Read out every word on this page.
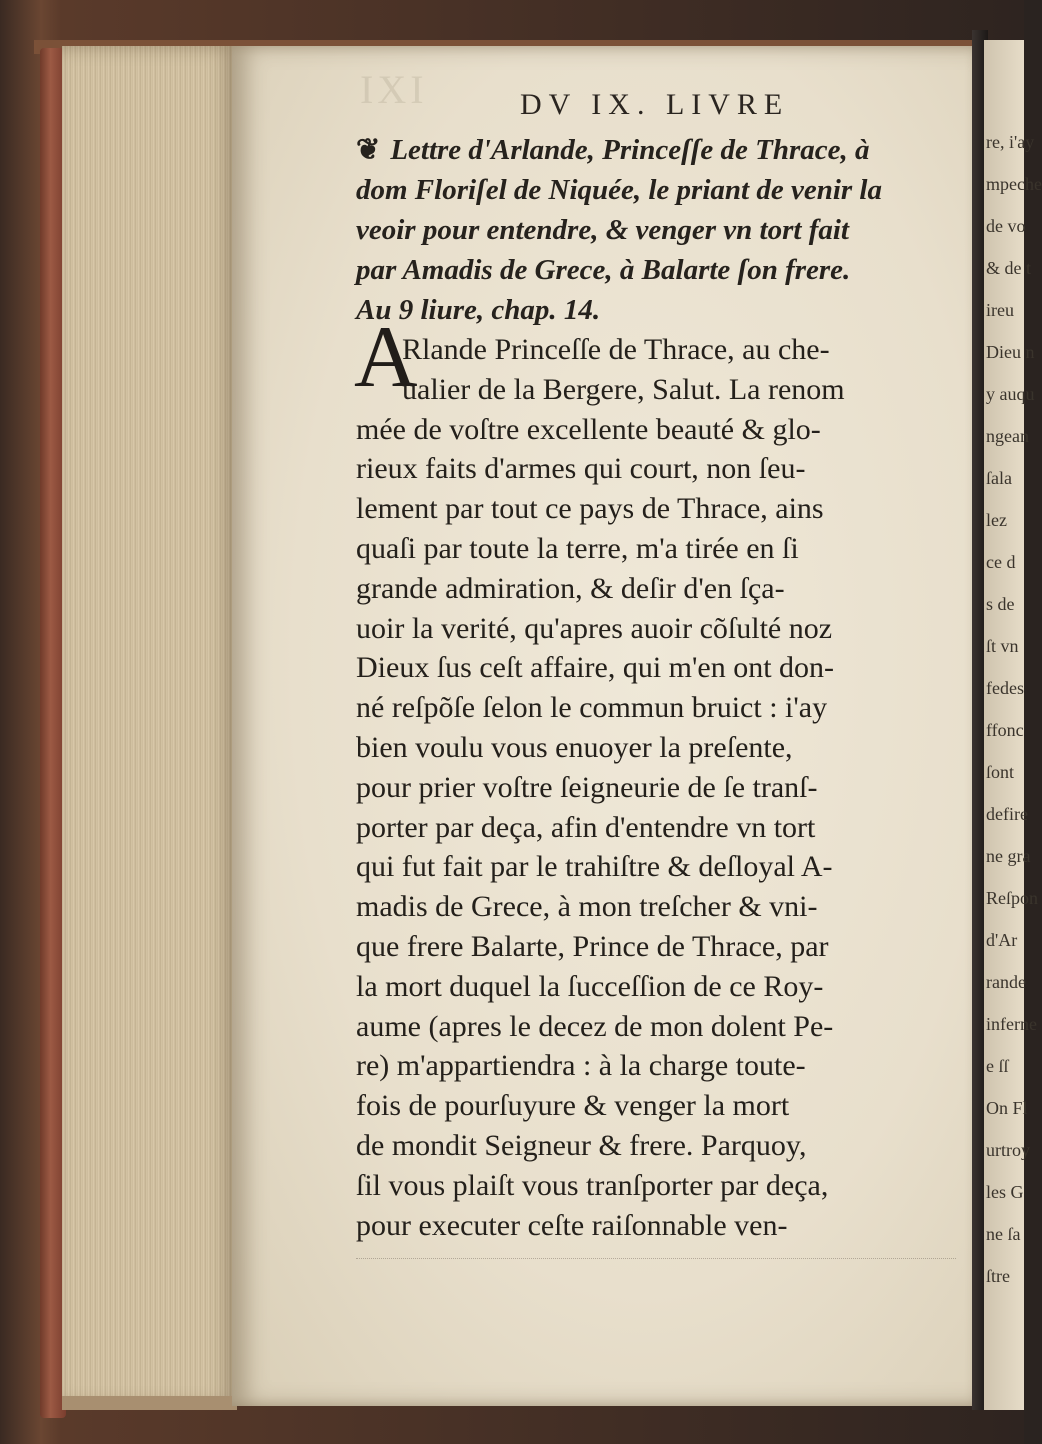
re, i'ay
mpeche
de vo
& de t
ireu
Dieu n
y auqu
ngean
ſala
lez
ce d
s de
ſt vn
fedes
ffonc
ſont
defire
ne gra
Reſpon
d'Ar
rande
inferne
e ſſ
On Fl
urtroy
les G
ne ſa
ſtre
IXI	DV IX. LIVRE
❦ Lettre d'Arlande, Princeſſe de Thrace, à
dom Floriſel de Niquée, le priant de venir la
veoir pour entendre, & venger vn tort fait
par Amadis de Grece, à Balarte ſon frere.
Au 9 liure, chap. 14.
A
Rlande Princeſſe de Thrace, au che-
ualier de la Bergere, Salut. La renom
mée de voſtre excellente beauté & glo-
rieux faits d'armes qui court, non ſeu-
lement par tout ce pays de Thrace, ains
quaſi par toute la terre, m'a tirée en ſi
grande admiration, & deſir d'en ſça-
uoir la verité, qu'apres auoir cõſulté noz
Dieux ſus ceſt affaire, qui m'en ont don-
né reſpõſe ſelon le commun bruict : i'ay
bien voulu vous enuoyer la preſente,
pour prier voſtre ſeigneurie de ſe tranſ-
porter par deça, afin d'entendre vn tort
qui fut fait par le trahiſtre & deſloyal A-
madis de Grece, à mon treſcher & vni-
que frere Balarte, Prince de Thrace, par
la mort duquel la ſucceſſion de ce Roy-
aume (apres le decez de mon dolent Pe-
re) m'appartiendra : à la charge toute-
fois de pourſuyure & venger la mort
de mondit Seigneur & frere. Parquoy,
ſil vous plaiſt vous tranſporter par deça,
pour executer ceſte raiſonnable ven-
